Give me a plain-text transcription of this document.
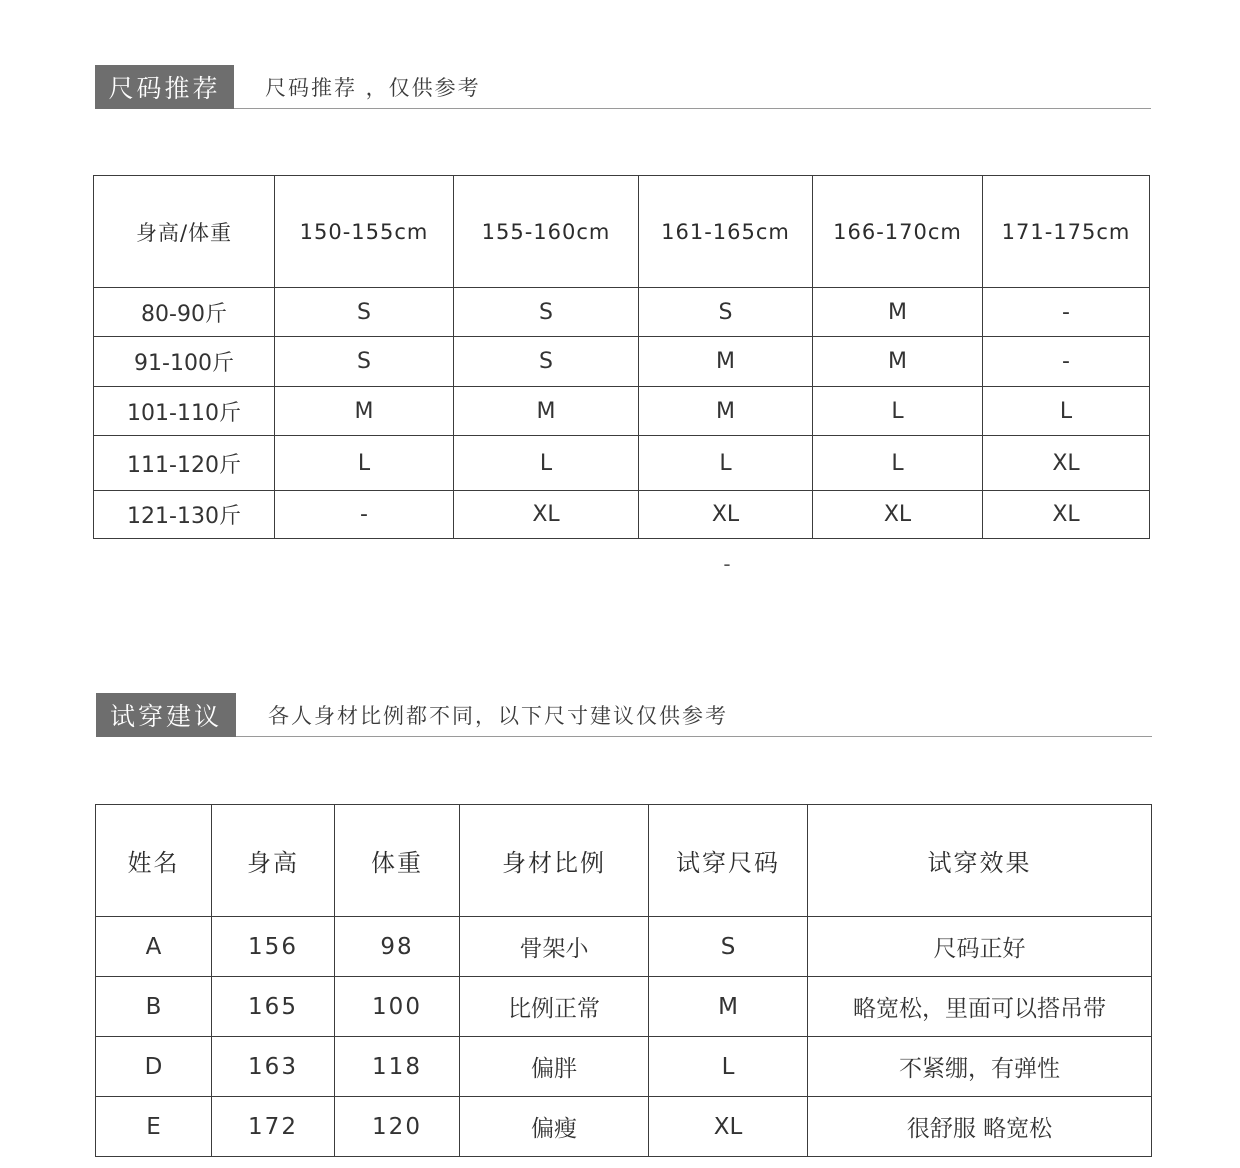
尺码推荐	尺码推荐 ，仅供参考
身高/体重	150-155cm	155-160cm	161-165cm	166-170cm	171-175cm
80-90斤	S	S	S	M	-
91-100斤	S	S	M	M	-
101-110斤	M	M	M	L	L
111-120斤	L	L	L	L	XL
121-130斤	-	XL	XL	XL	XL
-
试穿建议	各人身材比例都不同，以下尺寸建议仅供参考
姓名	身高	体重	身材比例	试穿尺码	试穿效果
A	156	98	骨架小	S	尺码正好
B	165	100	比例正常	M	略宽松，里面可以搭吊带
D	163	118	偏胖	L	不紧绷，有弹性
E	172	120	偏瘦	XL	很舒服 略宽松
